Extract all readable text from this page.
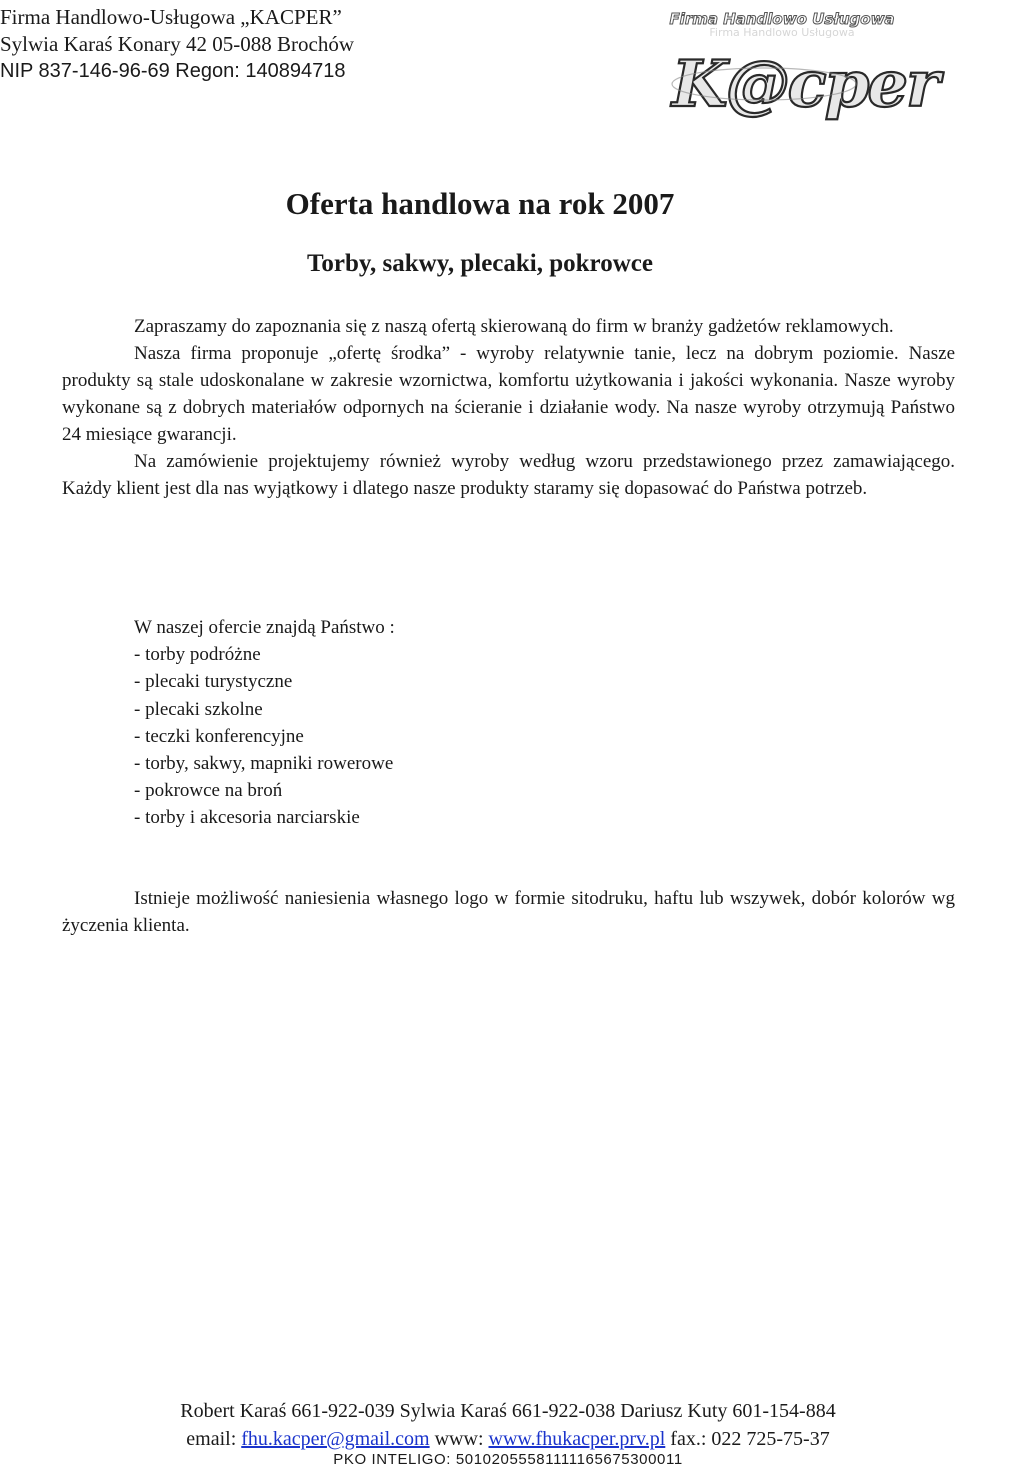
Firma Handlowo-Usługowa „KACPER”
Sylwia Karaś Konary 42 05-088 Brochów
NIP 837-146-96-69 Regon: 140894718
Firma Handlowo Usługowa
Firma Handlowo Usługowa
K@cper
Oferta handlowa na rok 2007
Torby, sakwy, plecaki, pokrowce

Zapraszamy do zapoznania się z naszą ofertą skierowaną do firm w branży gadżetów reklamowych.

Nasza firma proponuje „ofertę środka” - wyroby relatywnie tanie, lecz na dobrym poziomie. Nasze produkty są stale udoskonalane w zakresie wzornictwa, komfortu użytkowania i jakości wykonania. Nasze wyroby wykonane są z dobrych materiałów odpornych na ścieranie i działanie wody. Na nasze wyroby otrzymują Państwo 24 miesiące gwarancji.

Na zamówienie projektujemy również wyroby według wzoru przedstawionego przez zamawiającego. Każdy klient jest dla nas wyjątkowy i dlatego nasze produkty staramy się dopasować do Państwa potrzeb.

W naszej ofercie znajdą Państwo :
- torby podróżne
- plecaki turystyczne
- plecaki szkolne
- teczki konferencyjne
- torby, sakwy, mapniki rowerowe
- pokrowce na broń
- torby i akcesoria narciarskie

Istnieje możliwość naniesienia własnego logo w formie sitodruku, haftu lub wszywek, dobór kolorów wg życzenia klienta.

Robert Karaś 661-922-039 Sylwia Karaś 661-922-038 Dariusz Kuty 601-154-884
email: fhu.kacper@gmail.com www: www.fhukacper.prv.pl fax.: 022 725-75-37
PKO INTELIGO: 50102055581111165675300011
